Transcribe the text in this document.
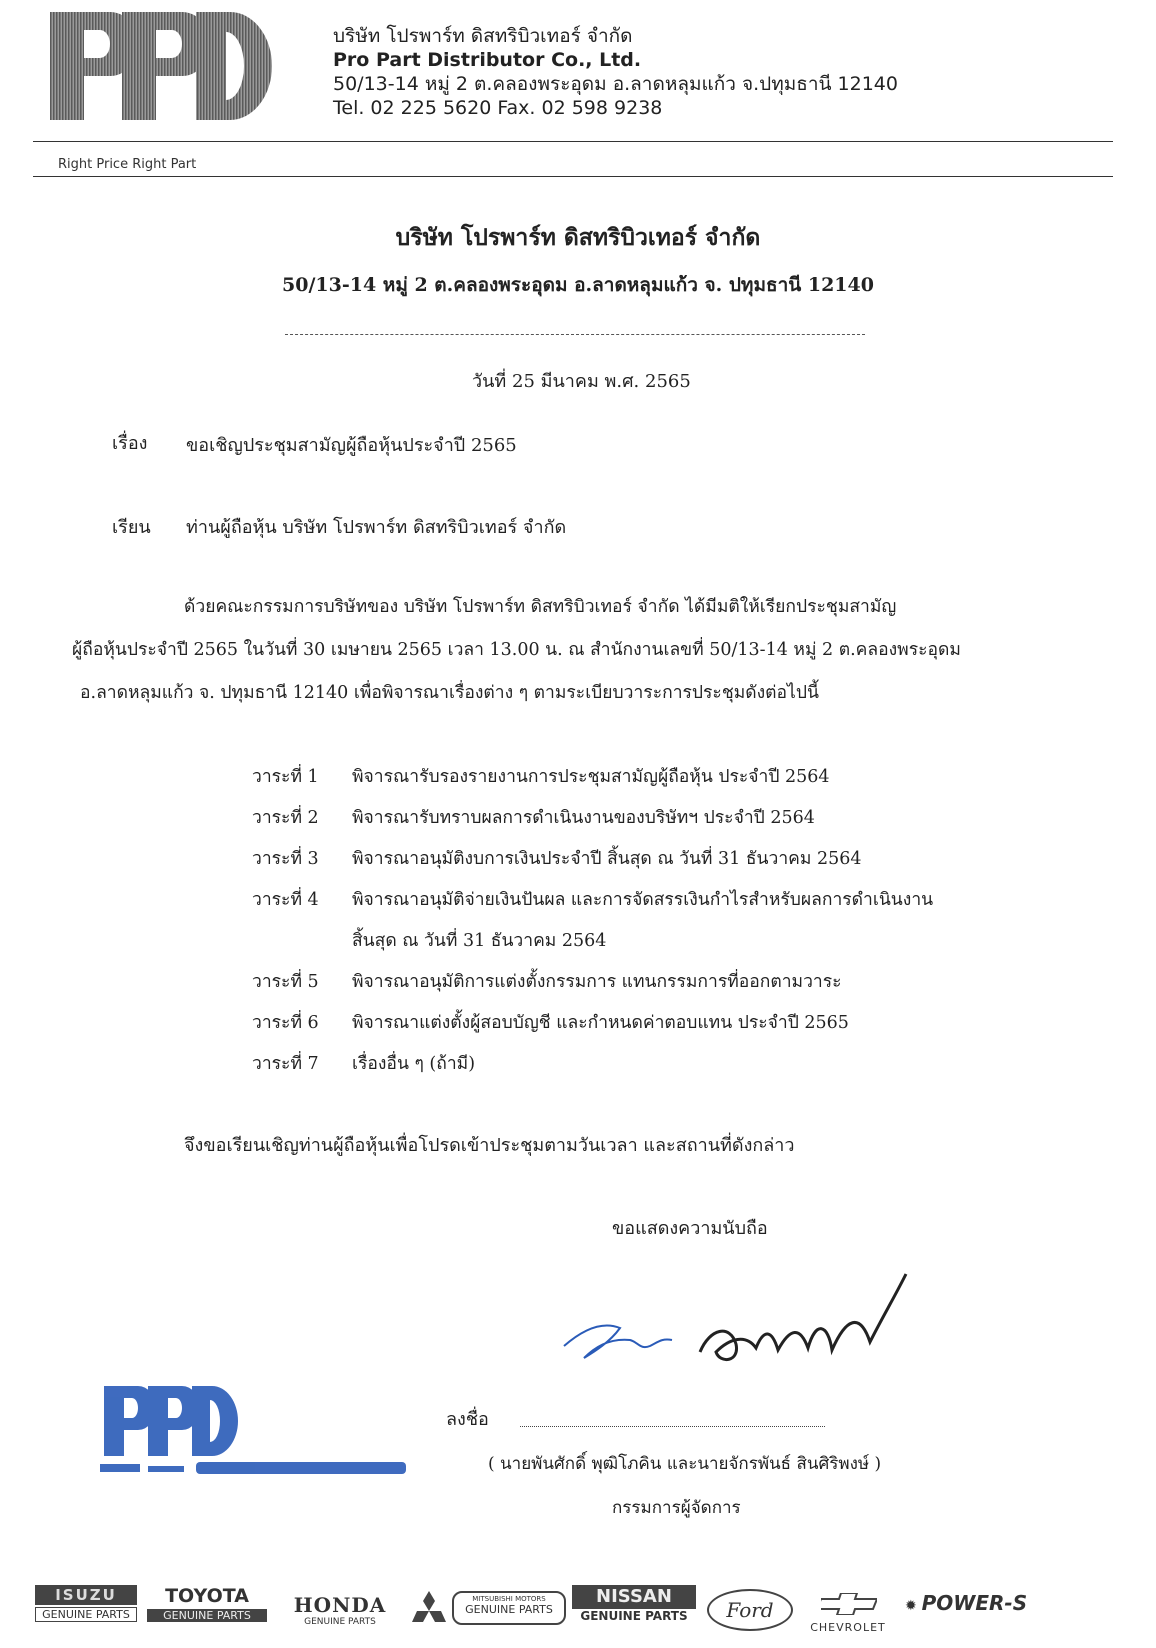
บริษัท โปรพาร์ท ดิสทริบิวเทอร์ จำกัด
Pro Part Distributor Co., Ltd.
50/13-14 หมู่ 2 ต.คลองพระอุดม อ.ลาดหลุมแก้ว จ.ปทุมธานี 12140
Tel. 02 225 5620 Fax. 02 598 9238
Right Price Right Part
บริษัท โปรพาร์ท ดิสทริบิวเทอร์ จำกัด
50/13-14 หมู่ 2 ต.คลองพระอุดม อ.ลาดหลุมแก้ว จ. ปทุมธานี 12140
วันที่ 25 มีนาคม พ.ศ. 2565
เรื่อง ขอเชิญประชุมสามัญผู้ถือหุ้นประจำปี 2565
เรียน ท่านผู้ถือหุ้น บริษัท โปรพาร์ท ดิสทริบิวเทอร์ จำกัด
ด้วยคณะกรรมการบริษัทของ บริษัท โปรพาร์ท ดิสทริบิวเทอร์ จำกัด ได้มีมติให้เรียกประชุมสามัญ
ผู้ถือหุ้นประจำปี 2565 ในวันที่ 30 เมษายน 2565 เวลา 13.00 น. ณ สำนักงานเลขที่ 50/13-14 หมู่ 2 ต.คลองพระอุดม
อ.ลาดหลุมแก้ว จ. ปทุมธานี 12140 เพื่อพิจารณาเรื่องต่าง ๆ ตามระเบียบวาระการประชุมดังต่อไปนี้
วาระที่ 1 พิจารณารับรองรายงานการประชุมสามัญผู้ถือหุ้น ประจำปี 2564
วาระที่ 2 พิจารณารับทราบผลการดำเนินงานของบริษัทฯ ประจำปี 2564
วาระที่ 3 พิจารณาอนุมัติงบการเงินประจำปี สิ้นสุด ณ วันที่ 31 ธันวาคม 2564
วาระที่ 4 พิจารณาอนุมัติจ่ายเงินปันผล และการจัดสรรเงินกำไรสำหรับผลการดำเนินงาน
สิ้นสุด ณ วันที่ 31 ธันวาคม 2564
วาระที่ 5 พิจารณาอนุมัติการแต่งตั้งกรรมการ แทนกรรมการที่ออกตามวาระ
วาระที่ 6 พิจารณาแต่งตั้งผู้สอบบัญชี และกำหนดค่าตอบแทน ประจำปี 2565
วาระที่ 7 เรื่องอื่น ๆ (ถ้ามี)
จึงขอเรียนเชิญท่านผู้ถือหุ้นเพื่อโปรดเข้าประชุมตามวันเวลา และสถานที่ดังกล่าว
ขอแสดงความนับถือ
ลงชื่อ
( นายพันศักดิ์ พุฒิโภคิน และนายจักรพันธ์ สินศิริพงษ์ )
กรรมการผู้จัดการ
ISUZU
GENUINE PARTS
TOYOTA
GENUINE PARTS	HONDA
GENUINE PARTS
MITSUBISHI MOTORS
GENUINE PARTS
NISSAN
GENUINE PARTS	Ford
CHEVROLET
✹ POWER-S
